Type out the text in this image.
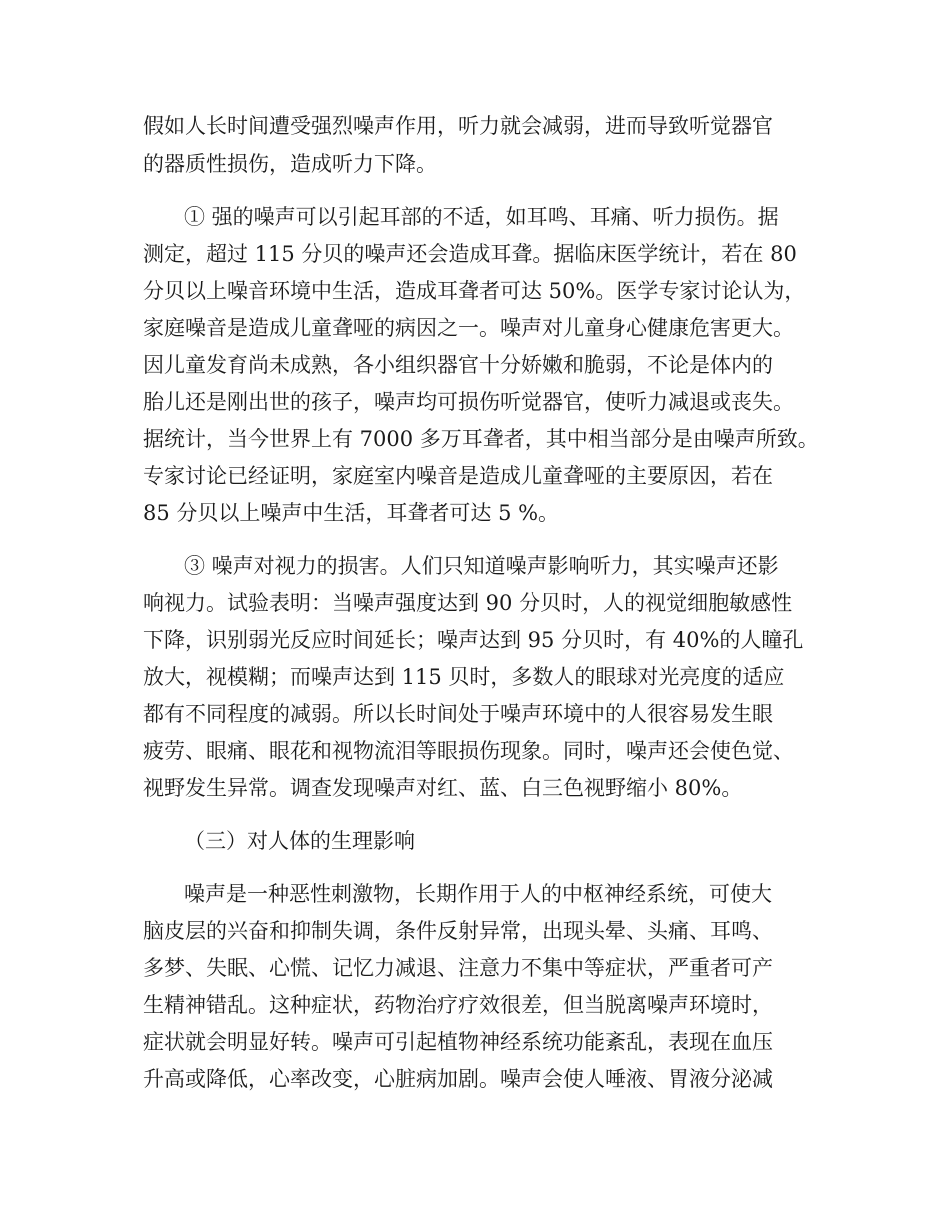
假如人长时间遭受强烈噪声作用，听力就会减弱，进而导致听觉器官
的器质性损伤，造成听力下降。
① 强的噪声可以引起耳部的不适，如耳鸣、耳痛、听力损伤。据
测定，超过 115 分贝的噪声还会造成耳聋。据临床医学统计，若在 80
分贝以上噪音环境中生活，造成耳聋者可达 50%。医学专家讨论认为，
家庭噪音是造成儿童聋哑的病因之一。噪声对儿童身心健康危害更大。
因儿童发育尚未成熟，各小组织器官十分娇嫩和脆弱，不论是体内的
胎儿还是刚出世的孩子，噪声均可损伤听觉器官，使听力减退或丧失。
据统计，当今世界上有 7000 多万耳聋者，其中相当部分是由噪声所致。
专家讨论已经证明，家庭室内噪音是造成儿童聋哑的主要原因，若在
85 分贝以上噪声中生活，耳聋者可达 5 %。
③ 噪声对视力的损害。人们只知道噪声影响听力，其实噪声还影
响视力。试验表明：当噪声强度达到 90 分贝时，人的视觉细胞敏感性
下降，识别弱光反应时间延长；噪声达到 95 分贝时，有 40%的人瞳孔
放大，视模糊；而噪声达到 115 贝时，多数人的眼球对光亮度的适应
都有不同程度的减弱。所以长时间处于噪声环境中的人很容易发生眼
疲劳、眼痛、眼花和视物流泪等眼损伤现象。同时，噪声还会使色觉、
视野发生异常。调查发现噪声对红、蓝、白三色视野缩小 80%。
（三）对人体的生理影响
噪声是一种恶性刺激物，长期作用于人的中枢神经系统，可使大
脑皮层的兴奋和抑制失调，条件反射异常，出现头晕、头痛、耳鸣、
多梦、失眠、心慌、记忆力减退、注意力不集中等症状，严重者可产
生精神错乱。这种症状，药物治疗疗效很差，但当脱离噪声环境时，
症状就会明显好转。噪声可引起植物神经系统功能紊乱，表现在血压
升高或降低，心率改变，心脏病加剧。噪声会使人唾液、胃液分泌减
